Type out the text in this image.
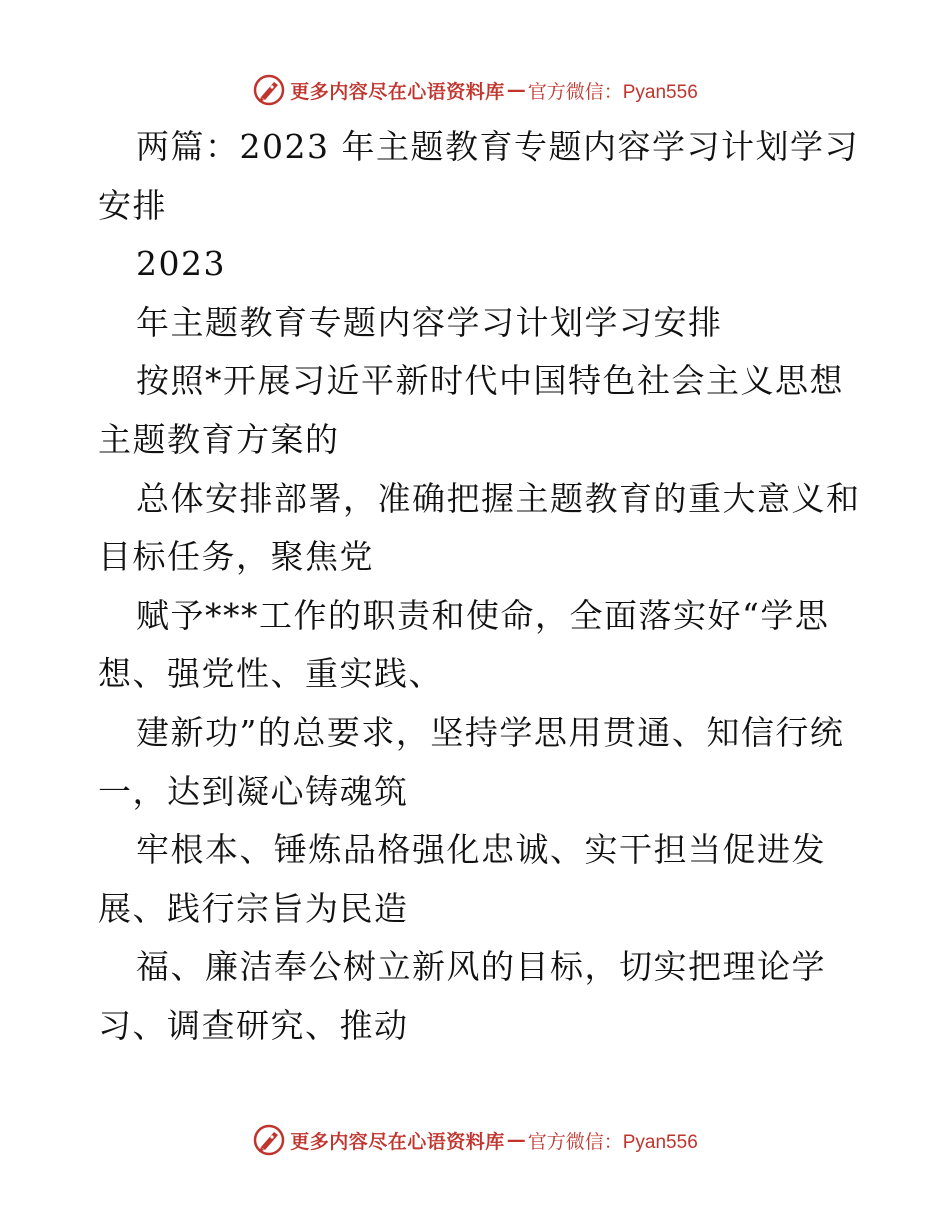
更多内容尽在心语资料库 — 官方微信：Pyan556
两篇：2023 年主题教育专题内容学习计划学习
安排
2023
年主题教育专题内容学习计划学习安排
按照*开展习近平新时代中国特色社会主义思想
主题教育方案的
总体安排部署，准确把握主题教育的重大意义和
目标任务，聚焦党
赋予***工作的职责和使命，全面落实好“学思
想、强党性、重实践、
建新功”的总要求，坚持学思用贯通、知信行统
一，达到凝心铸魂筑
牢根本、锤炼品格强化忠诚、实干担当促进发
展、践行宗旨为民造
福、廉洁奉公树立新风的目标，切实把理论学
习、调查研究、推动
更多内容尽在心语资料库 — 官方微信：Pyan556
